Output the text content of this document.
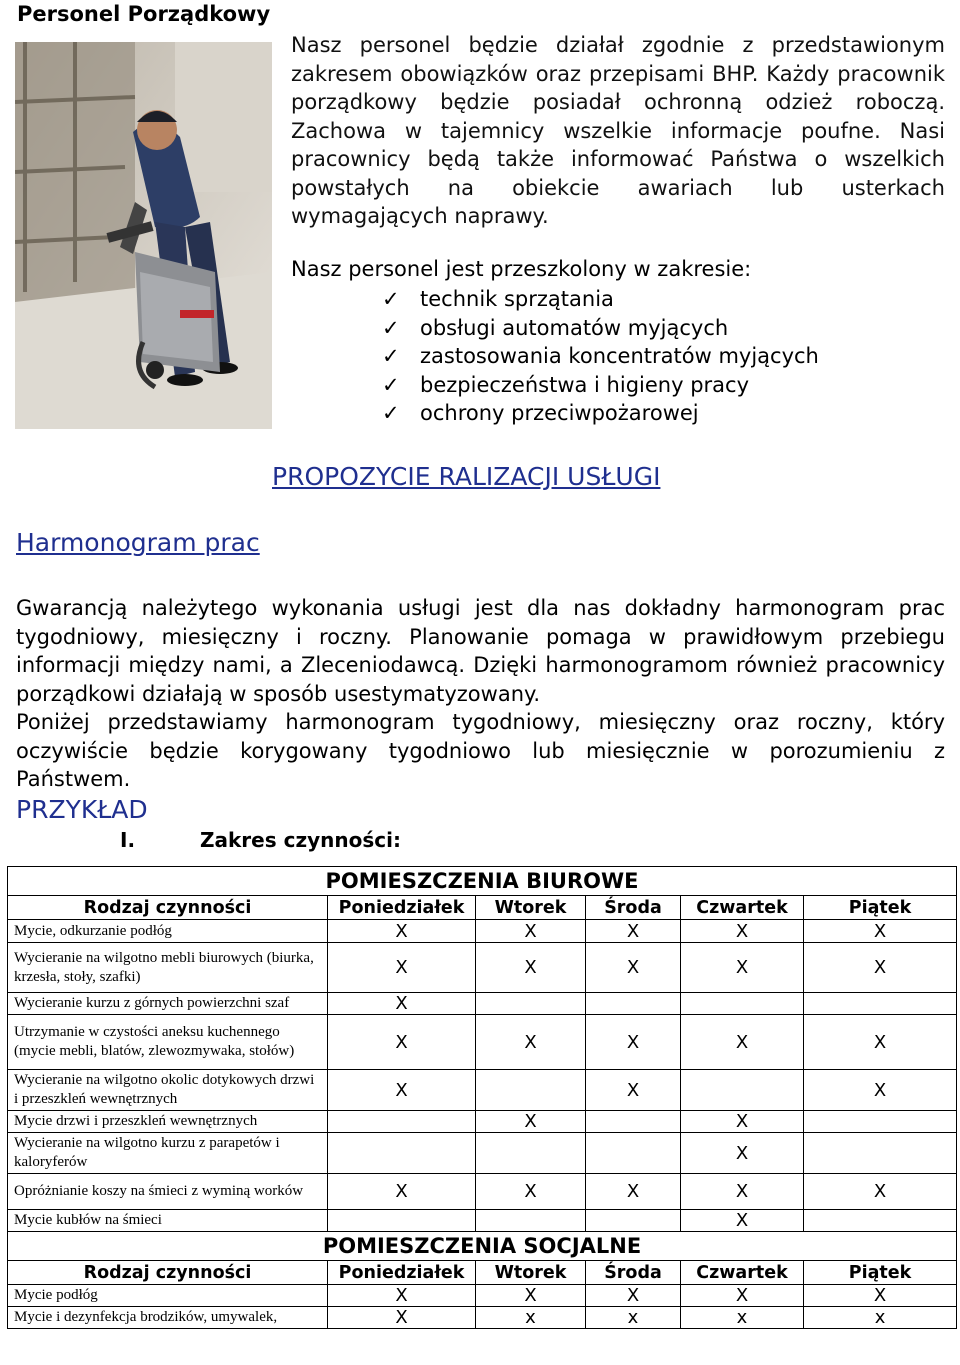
Personel Porządkowy
Nasz personel będzie działał zgodnie z przedstawionym zakresem obowiązków oraz przepisami BHP. Każdy pracownik porządkowy będzie posiadał ochronną odzież roboczą. Zachowa w tajemnicy wszelkie informacje poufne. Nasi pracownicy będą także informować Państwa o wszelkich powstałych na obiekcie awariach lub usterkach wymagających naprawy.
Nasz personel jest przeszkolony w zakresie:
✓ technik sprzątania
✓ obsługi automatów myjących
✓ zastosowania koncentratów myjących
✓ bezpieczeństwa i higieny pracy
✓ ochrony przeciwpożarowej
PROPOZYCIE RALIZACJI USŁUGI
Harmonogram prac

Gwarancją należytego wykonania usługi jest dla nas dokładny harmonogram prac tygodniowy, miesięczny i roczny. Planowanie pomaga w prawidłowym przebiegu informacji między nami, a Zleceniodawcą. Dzięki harmonogramom również pracownicy porządkowi działają w sposób usestymatyzowany.

Poniżej przedstawiamy harmonogram tygodniowy, miesięczny oraz roczny, który oczywiście będzie korygowany tygodniowo lub miesięcznie w porozumieniu z Państwem.

PRZYKŁAD
I.	Zakres czynności:
POMIESZCZENIA BIUROWE					
Rodzaj czynności	Poniedziałek	Wtorek	Środa	Czwartek	Piątek
Mycie, odkurzanie podłóg	X	X	X	X	X
Wycieranie na wilgotno mebli biurowych (biurka, krzesła, stoły, szafki)	X	X	X	X	X
Wycieranie kurzu z górnych powierzchni szaf	X				
Utrzymanie w czystości aneksu kuchennego (mycie mebli, blatów, zlewozmywaka, stołów)	X	X	X	X	X
Wycieranie na wilgotno okolic dotykowych drzwi i przeszkleń wewnętrznych	X		X		X
Mycie drzwi i przeszkleń wewnętrznych		X		X	
Wycieranie na wilgotno kurzu z parapetów i kaloryferów				X	
Opróżnianie koszy na śmieci z wyminą worków	X	X	X	X	X
Mycie kubłów na śmieci				X	
POMIESZCZENIA SOCJALNE					
Rodzaj czynności	Poniedziałek	Wtorek	Środa	Czwartek	Piątek
Mycie podłóg	X	X	X	X	X
Mycie i dezynfekcja brodzików, umywalek,	X	x	x	x	x
